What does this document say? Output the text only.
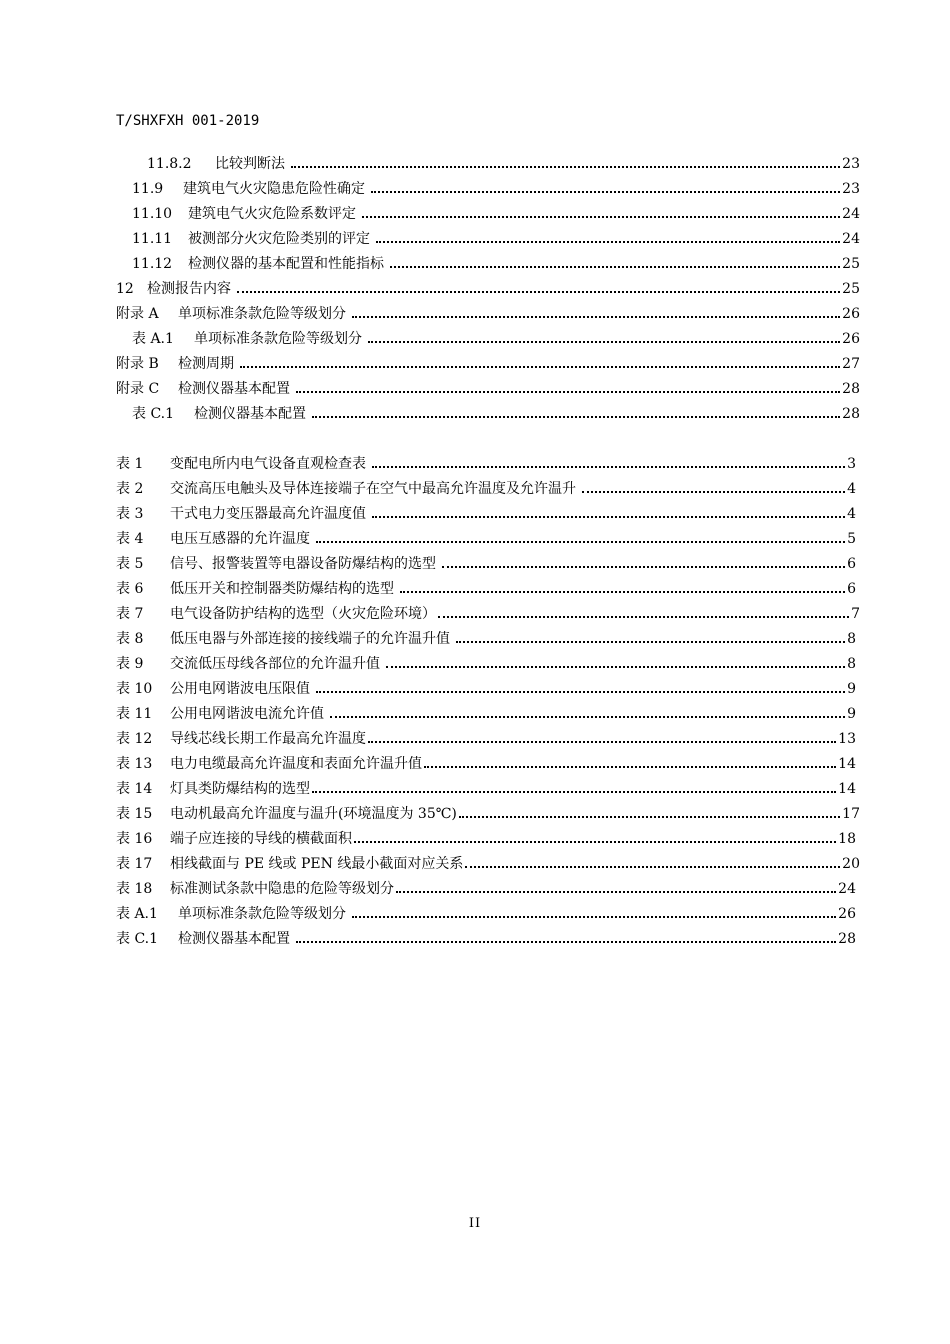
T/SHXFXH 001-2019
11.8.2	比较判断法	23
11.9	建筑电气火灾隐患危险性确定	23
11.10	建筑电气火灾危险系数评定	24
11.11	被测部分火灾危险类别的评定	24
11.12	检测仪器的基本配置和性能指标	25
12 检测报告内容	25
附录 A	单项标准条款危险等级划分	26
表 A.1	单项标准条款危险等级划分	26
附录 B	检测周期	27
附录 C	检测仪器基本配置	28
表 C.1	检测仪器基本配置	28
表 1	变配电所内电气设备直观检查表	3
表 2	交流高压电触头及导体连接端子在空气中最高允许温度及允许温升	4
表 3	干式电力变压器最高允许温度值	4
表 4	电压互感器的允许温度	5
表 5	信号、报警装置等电器设备防爆结构的选型	6
表 6	低压开关和控制器类防爆结构的选型	6
表 7	电气设备防护结构的选型（火灾危险环境）	7
表 8	低压电器与外部连接的接线端子的允许温升值	8
表 9	交流低压母线各部位的允许温升值	8
表 10	公用电网谐波电压限值	9
表 11	公用电网谐波电流允许值	9
表 12	导线芯线长期工作最高允许温度	13
表 13	电力电缆最高允许温度和表面允许温升值	14
表 14	灯具类防爆结构的选型	14
表 15	电动机最高允许温度与温升(环境温度为 35℃)	17
表 16	端子应连接的导线的横截面积	18
表 17	相线截面与 PE 线或 PEN 线最小截面对应关系	20
表 18	标准测试条款中隐患的危险等级划分	24
表 A.1	单项标准条款危险等级划分	26
表 C.1	检测仪器基本配置	28
II
